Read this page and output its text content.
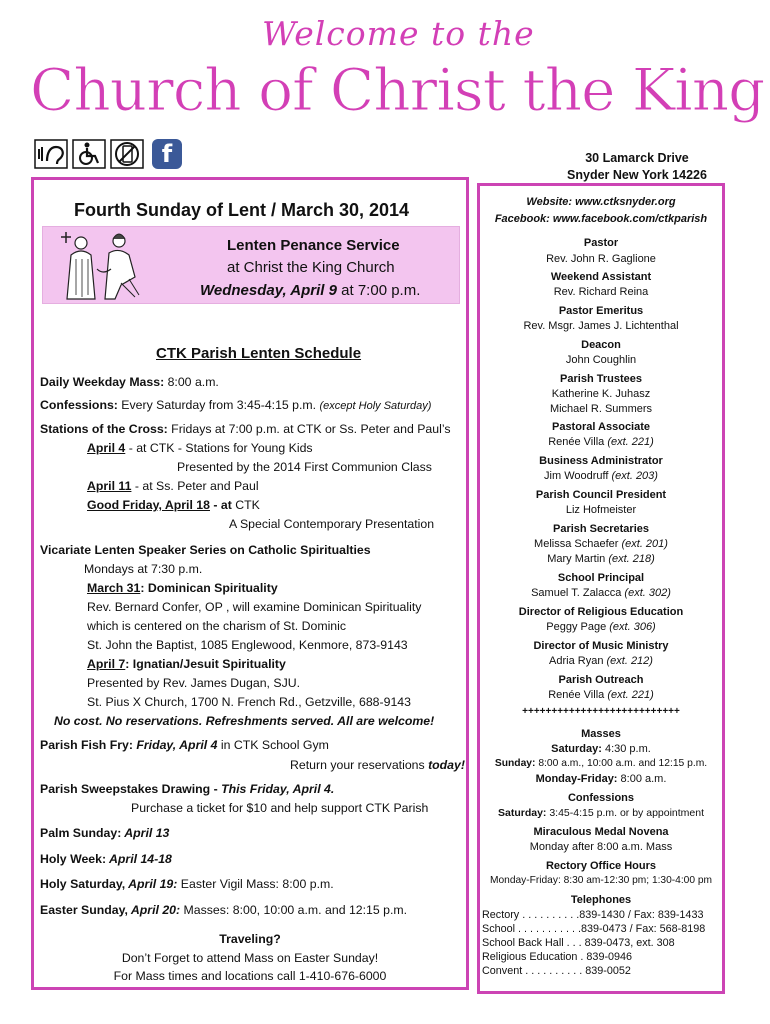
Welcome to the
Church of Christ the King
f	30 Lamarck Drive
Snyder New York 14226
Fourth Sunday of Lent / March 30, 2014
Lenten Penance Service
at Christ the King Church
Wednesday, April 9 at 7:00 p.m.
CTK Parish Lenten Schedule
Daily Weekday Mass: 8:00 a.m.
Confessions: Every Saturday from 3:45-4:15 p.m. (except Holy Saturday)
Stations of the Cross: Fridays at 7:00 p.m. at CTK or Ss. Peter and Paul’s
April 4 - at CTK - Stations for Young Kids
Presented by the 2014 First Communion Class
April 11 - at Ss. Peter and Paul
Good Friday, April 18 - at CTK
A Special Contemporary Presentation
Vicariate Lenten Speaker Series on Catholic Spiritualties
Mondays at 7:30 p.m.
March 31: Dominican Spirituality
Rev. Bernard Confer, OP , will examine Dominican Spirituality
which is centered on the charism of St. Dominic
St. John the Baptist, 1085 Englewood, Kenmore, 873-9143
April 7: Ignatian/Jesuit Spirituality
Presented by Rev. James Dugan, SJU.
St. Pius X Church, 1700 N. French Rd., Getzville, 688-9143
No cost. No reservations. Refreshments served. All are welcome!
Parish Fish Fry: Friday, April 4 in CTK School Gym
Return your reservations today!
Parish Sweepstakes Drawing - This Friday, April 4.
Purchase a ticket for $10 and help support CTK Parish
Palm Sunday: April 13
Holy Week: April 14-18
Holy Saturday, April 19: Easter Vigil Mass: 8:00 p.m.
Easter Sunday, April 20: Masses: 8:00, 10:00 a.m. and 12:15 p.m.
Traveling?
Don’t Forget to attend Mass on Easter Sunday!
For Mass times and locations call 1-410-676-6000
Website: www.ctksnyder.org
Facebook: www.facebook.com/ctkparish
Pastor
Rev. John R. Gaglione
Weekend Assistant
Rev. Richard Reina
Pastor Emeritus
Rev. Msgr. James J. Lichtenthal
Deacon
John Coughlin
Parish Trustees
Katherine K. Juhasz
Michael R. Summers
Pastoral Associate
Renée Villa (ext. 221)
Business Administrator
Jim Woodruff (ext. 203)
Parish Council President
Liz Hofmeister
Parish Secretaries
Melissa Schaefer (ext. 201)
Mary Martin (ext. 218)
School Principal
Samuel T. Zalacca (ext. 302)
Director of Religious Education
Peggy Page (ext. 306)
Director of Music Ministry
Adria Ryan (ext. 212)
Parish Outreach
Renée Villa (ext. 221)
+++++++++++++++++++++++++++
Masses
Saturday: 4:30 p.m.
Sunday: 8:00 a.m., 10:00 a.m. and 12:15 p.m.
Monday-Friday: 8:00 a.m.
Confessions
Saturday: 3:45-4:15 p.m. or by appointment
Miraculous Medal Novena
Monday after 8:00 a.m. Mass
Rectory Office Hours
Monday-Friday: 8:30 am-12:30 pm; 1:30-4:00 pm
Telephones
Rectory . . . . . . . . . .839-1430 / Fax: 839-1433
School . . . . . . . . . . .839-0473 / Fax: 568-8198
School Back Hall . . . 839-0473, ext. 308
Religious Education . 839-0946
Convent . . . . . . . . . . 839-0052
